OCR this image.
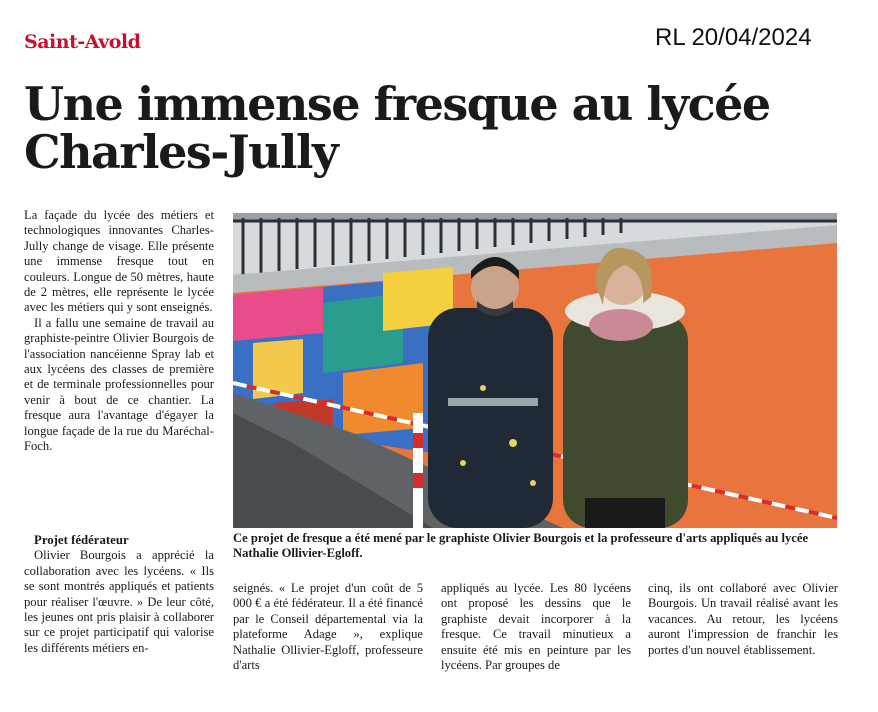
Saint-Avold	RL 20/04/2024
Une immense fresque au lycée
Charles-Jully

La façade du lycée des métiers et technologiques innovantes Charles-Jully change de visage. Elle présente une immense fresque tout en couleurs. Longue de 50 mètres, haute de 2 mètres, elle représente le lycée avec les métiers qui y sont enseignés.

Il a fallu une semaine de travail au graphiste-peintre Olivier Bourgois de l'association nancéienne Spray lab et aux lycéens des classes de première et de terminale professionnelles pour venir à bout de ce chantier. La fresque aura l'avantage d'égayer la longue façade de la rue du Maréchal-Foch.

Projet fédérateur

Olivier Bourgois a apprécié la collaboration avec les lycéens. « Ils se sont montrés appliqués et patients pour réaliser l'œuvre. » De leur côté, les jeunes ont pris plaisir à collaborer sur ce projet participatif qui valorise les différents métiers en-

Ce projet de fresque a été mené par le graphiste Olivier Bourgois et la professeure d'arts appliqués au lycée Nathalie Ollivier-Egloff.

seignés. « Le projet d'un coût de 5 000 € a été fédérateur. Il a été financé par le Conseil départemental via la plateforme Adage », explique Nathalie Ollivier-Egloff, professeure d'arts

appliqués au lycée. Les 80 lycéens ont proposé les dessins que le graphiste devait incorporer à la fresque. Ce travail minutieux a ensuite été mis en peinture par les lycéens. Par groupes de

cinq, ils ont collaboré avec Olivier Bourgois. Un travail réalisé avant les vacances. Au retour, les lycéens auront l'impression de franchir les portes d'un nouvel établissement.
